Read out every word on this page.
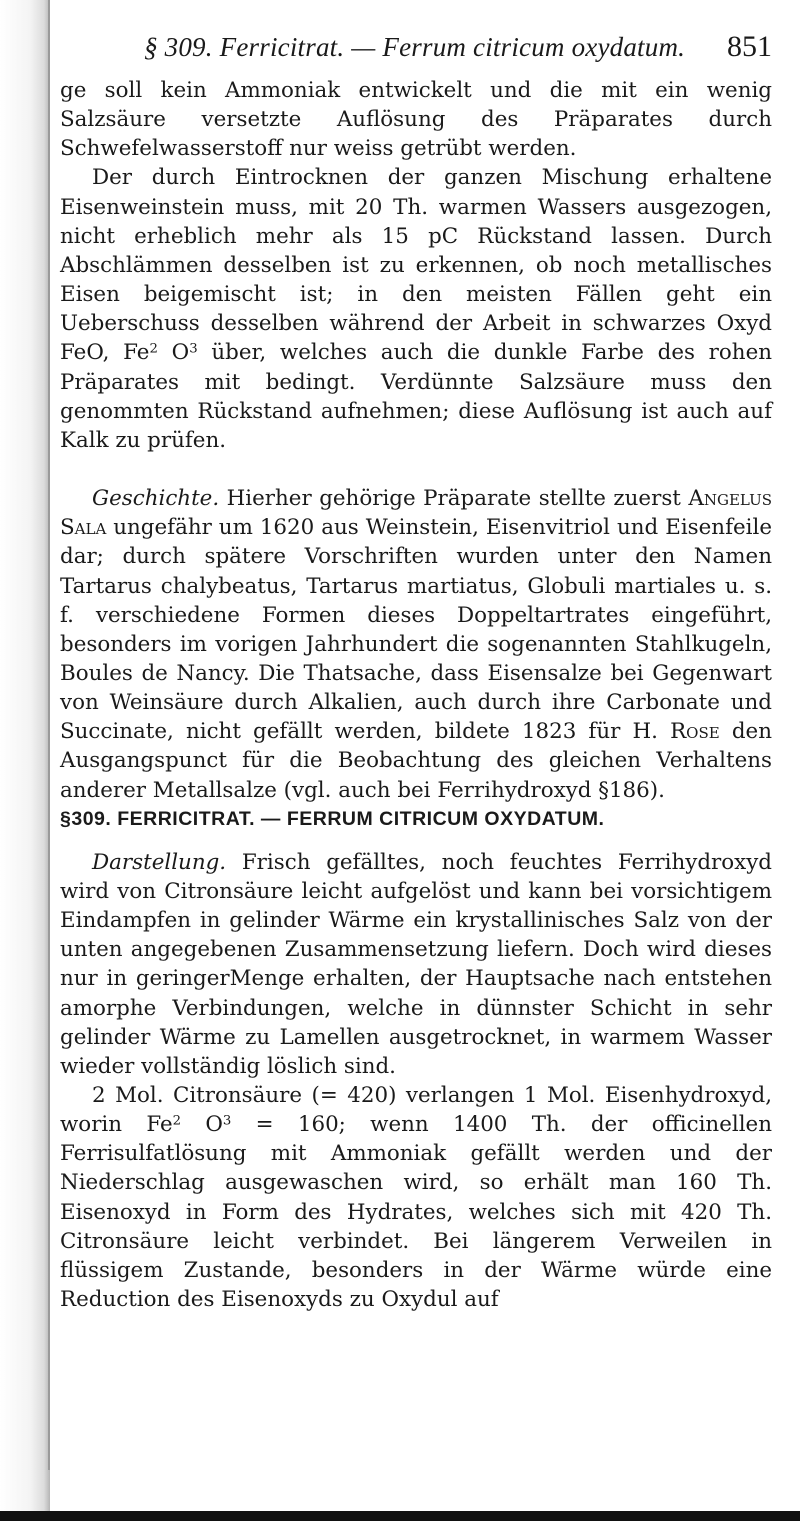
§ 309. Ferricitrat. — Ferrum citricum oxydatum. 851

ge soll kein Ammoniak entwickelt und die mit ein wenig Salzsäure versetzte Auflösung des Präparates durch Schwefelwasserstoff nur weiss getrübt werden.

Der durch Eintrocknen der ganzen Mischung erhaltene Eisenweinstein muss, mit 20 Th. warmen Wassers ausgezogen, nicht erheblich mehr als 15 pC Rückstand lassen. Durch Abschlämmen desselben ist zu erkennen, ob noch metallisches Eisen beigemischt ist; in den meisten Fällen geht ein Ueberschuss desselben während der Arbeit in schwarzes Oxyd FeO, Fe$^2$ $O^3$ über, welches auch die dunkle Farbe des rohen Präparates mit bedingt. Verdünnte Salzsäure muss den genommten Rückstand aufnehmen; diese Auflösung ist auch auf Kalk zu prüfen.

Geschichte. Hierher gehörige Präparate stellte zuerst Angelus Sala ungefähr um 1620 aus Weinstein, Eisenvitriol und Eisenfeile dar; durch spätere Vorschriften wurden unter den Namen Tartarus chalybeatus, Tartarus martiatus, Globuli martiales u. s. f. verschiedene Formen dieses Doppeltartrates eingeführt, besonders im vorigen Jahrhundert die sogenannten Stahlkugeln, Boules de Nancy. Die Thatsache, dass Eisensalze bei Gegenwart von Weinsäure durch Alkalien, auch durch ihre Carbonate und Succinate, nicht gefällt werden, bildete 1823 für H. Rose den Ausgangspunct für die Beobachtung des gleichen Verhaltens anderer Metallsalze (vgl. auch bei Ferrihydroxyd §186).

§309. FERRICITRAT. — FERRUM CITRICUM OXYDATUM.

Darstellung. Frisch gefälltes, noch feuchtes Ferrihydroxyd wird von Citronsäure leicht aufgelöst und kann bei vorsichtigem Eindampfen in gelinder Wärme ein krystallinisches Salz von der unten angegebenen Zusammensetzung liefern. Doch wird dieses nur in geringerMenge erhalten, der Hauptsache nach entstehen amorphe Verbindungen, welche in dünnster Schicht in sehr gelinder Wärme zu Lamellen ausgetrocknet, in warmem Wasser wieder vollständig löslich sind.

2 Mol. Citronsäure (= 420) verlangen 1 Mol. Eisenhydroxyd, worin Fe$^2$ $O^3 = 160$; wenn 1400 Th. der officinellen Ferrisulfatlösung mit Ammoniak gefällt werden und der Niederschlag ausgewaschen wird, so erhält man 160 Th. Eisenoxyd in Form des Hydrates, welches sich mit 420 Th. Citronsäure leicht verbindet. Bei längerem Verweilen in flüssigem Zustande, besonders in der Wärme würde eine Reduction des Eisenoxyds zu Oxydul auf
